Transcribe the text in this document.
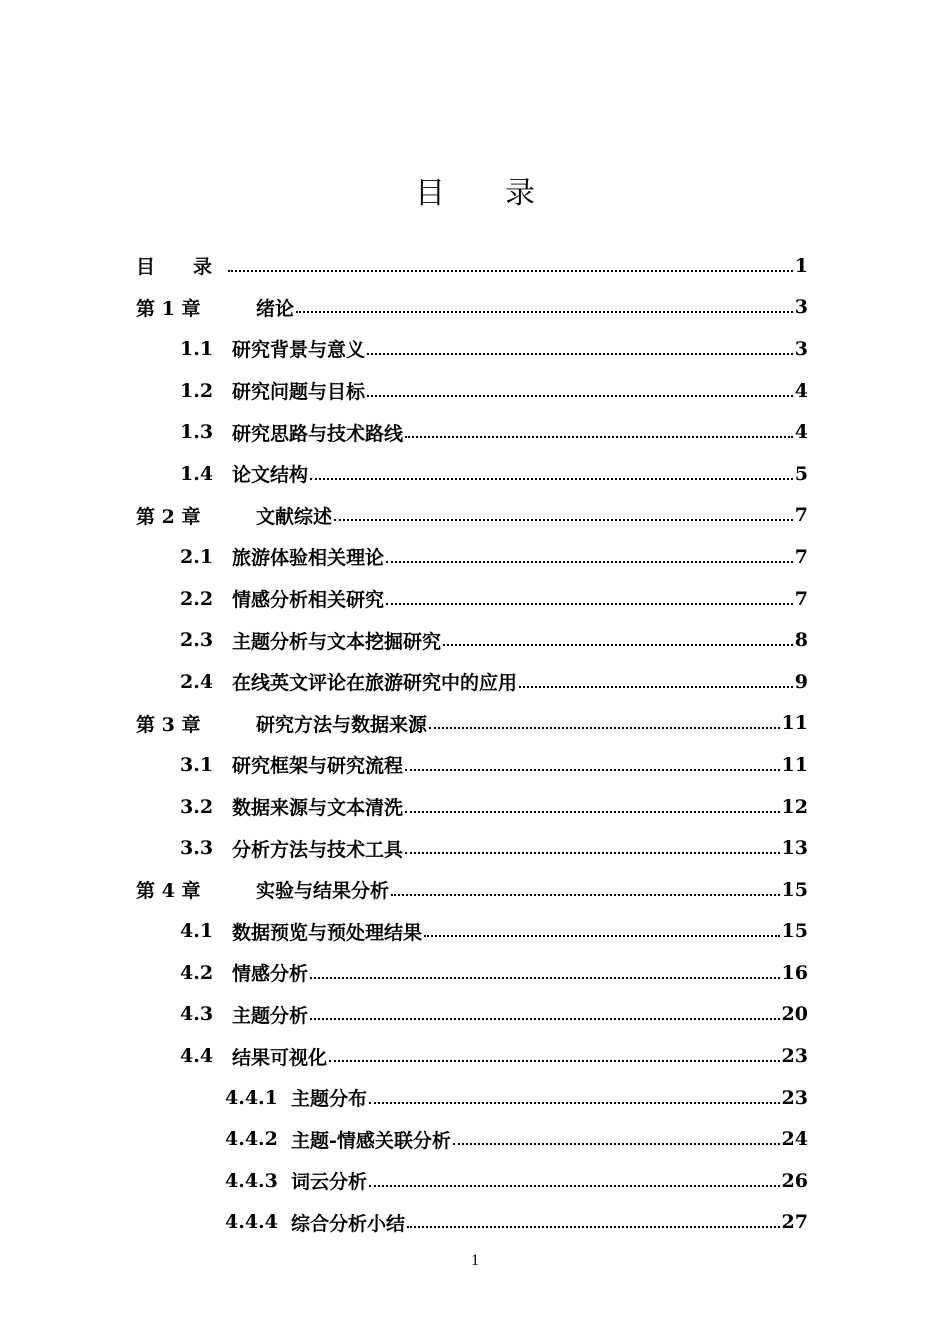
目 录
目　　录	1
第 1 章	绪论	3
1.1 研究背景与意义	3
1.2 研究问题与目标	4
1.3 研究思路与技术路线	4
1.4 论文结构	5
第 2 章	文献综述	7
2.1 旅游体验相关理论	7
2.2 情感分析相关研究	7
2.3 主题分析与文本挖掘研究	8
2.4 在线英文评论在旅游研究中的应用	9
第 3 章	研究方法与数据来源	11
3.1 研究框架与研究流程	11
3.2 数据来源与文本清洗	12
3.3 分析方法与技术工具	13
第 4 章	实验与结果分析	15
4.1 数据预览与预处理结果	15
4.2 情感分析	16
4.3 主题分析	20
4.4 结果可视化	23
4.4.1 主题分布	23
4.4.2 主题-情感关联分析	24
4.4.3 词云分析	26
4.4.4 综合分析小结	27
1
